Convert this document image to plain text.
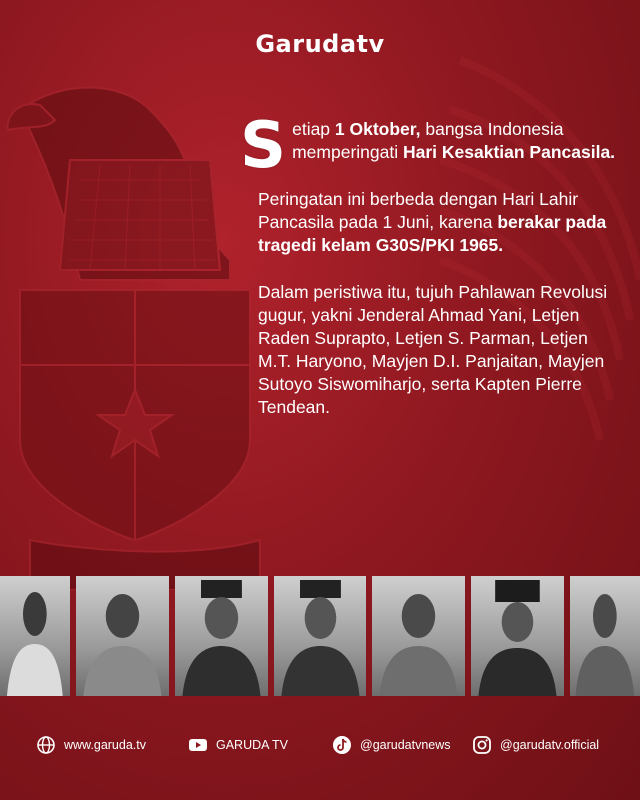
Garudatv

Setiap 1 Oktober, bangsa Indonesia memperingati Hari Kesaktian Pancasila.

Peringatan ini berbeda dengan Hari Lahir Pancasila pada 1 Juni, karena berakar pada tragedi kelam G30S/PKI 1965.

Dalam peristiwa itu, tujuh Pahlawan Revolusi gugur, yakni Jenderal Ahmad Yani, Letjen Raden Suprapto, Letjen S. Parman, Letjen M.T. Haryono, Mayjen D.I. Panjaitan, Mayjen Sutoyo Siswomiharjo, serta Kapten Pierre Tendean.

www.garuda.tv	GARUDA TV	@garudatvnews	@garudatv.official
